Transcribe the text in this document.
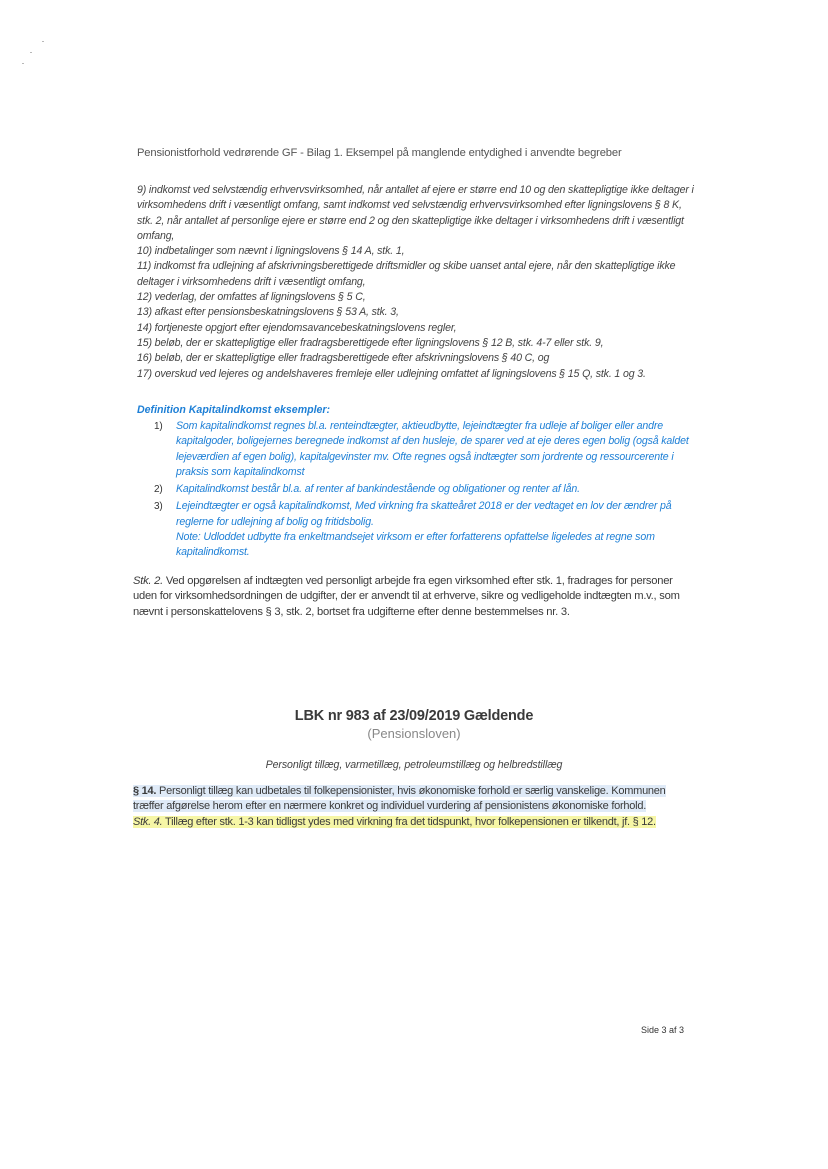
Pensionistforhold vedrørende GF - Bilag 1. Eksempel på manglende entydighed i anvendte begreber

9) indkomst ved selvstændig erhvervsvirksomhed, når antallet af ejere er større end 10 og den skattepligtige ikke deltager i virksomhedens drift i væsentligt omfang, samt indkomst ved selvstændig erhvervsvirksomhed efter ligningslovens § 8 K, stk. 2, når antallet af personlige ejere er større end 2 og den skattepligtige ikke deltager i virksomhedens drift i væsentligt omfang,

10) indbetalinger som nævnt i ligningslovens § 14 A, stk. 1,

11) indkomst fra udlejning af afskrivningsberettigede driftsmidler og skibe uanset antal ejere, når den skattepligtige ikke deltager i virksomhedens drift i væsentligt omfang,

12) vederlag, der omfattes af ligningslovens § 5 C,

13) afkast efter pensionsbeskatningslovens § 53 A, stk. 3,

14) fortjeneste opgjort efter ejendomsavancebeskatningslovens regler,

15) beløb, der er skattepligtige eller fradragsberettigede efter ligningslovens § 12 B, stk. 4-7 eller stk. 9,

16) beløb, der er skattepligtige eller fradragsberettigede efter afskrivningslovens § 40 C, og

17) overskud ved lejeres og andelshaveres fremleje eller udlejning omfattet af ligningslovens § 15 Q, stk. 1 og 3.

Definition Kapitalindkomst eksempler:
1) Som kapitalindkomst regnes bl.a. renteindtægter, aktieudbytte, lejeindtægter fra udleje af boliger eller andre kapitalgoder, boligejernes beregnede indkomst af den husleje, de sparer ved at eje deres egen bolig (også kaldet lejeværdien af egen bolig), kapitalgevinster mv. Ofte regnes også indtægter som jordrente og ressourcerente i praksis som kapitalindkomst
2) Kapitalindkomst består bl.a. af renter af bankindestående og obligationer og renter af lån.
3) Lejeindtægter er også kapitalindkomst, Med virkning fra skatteåret 2018 er der vedtaget en lov der ændrer på reglerne for udlejning af bolig og fritidsbolig.
Note: Udloddet udbytte fra enkeltmandsejet virksom er efter forfatterens opfattelse ligeledes at regne som kapitalindkomst.
Stk. 2. Ved opgørelsen af indtægten ved personligt arbejde fra egen virksomhed efter stk. 1, fradrages for personer uden for virksomhedsordningen de udgifter, der er anvendt til at erhverve, sikre og vedligeholde indtægten m.v., som nævnt i personskattelovens § 3, stk. 2, bortset fra udgifterne efter denne bestemmelses nr. 3.
LBK nr 983 af 23/09/2019 Gældende
(Pensionsloven)
Personligt tillæg, varmetillæg, petroleumstillæg og helbredstillæg
§ 14. Personligt tillæg kan udbetales til folkepensionister, hvis økonomiske forhold er særlig vanskelige. Kommunen træffer afgørelse herom efter en nærmere konkret og individuel vurdering af pensionistens økonomiske forhold.
Stk. 4. Tillæg efter stk. 1-3 kan tidligst ydes med virkning fra det tidspunkt, hvor folkepensionen er tilkendt, jf. § 12.
Side 3 af 3
